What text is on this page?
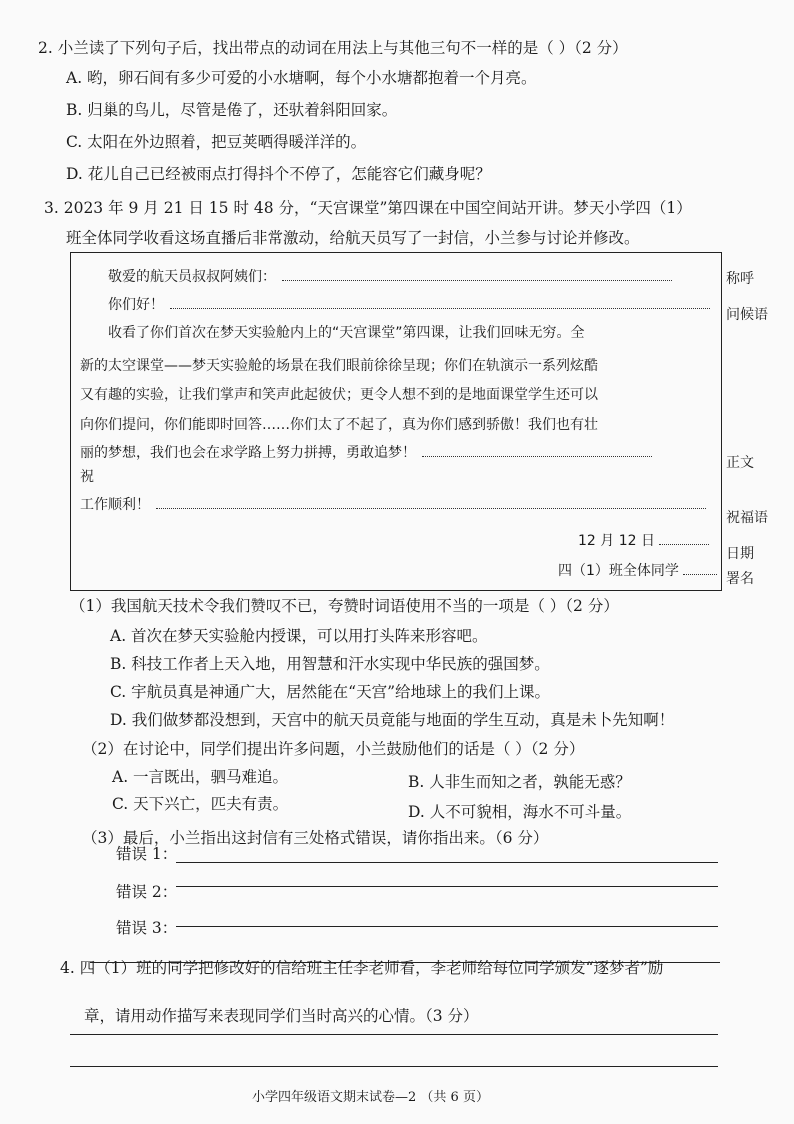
2. 小兰读了下列句子后，找出带点的动词在用法上与其他三句不一样的是（ ）（2 分）
A. 哟，卵石间有多少可爱的小水塘啊，每个小水塘都抱着一个月亮。
B. 归巢的鸟儿，尽管是倦了，还驮着斜阳回家。
C. 太阳在外边照着，把豆荚晒得暖洋洋的。
D. 花儿自己已经被雨点打得抖个不停了，怎能容它们藏身呢？
3. 2023 年 9 月 21 日 15 时 48 分，“天宫课堂”第四课在中国空间站开讲。梦天小学四（1）
班全体同学收看这场直播后非常激动，给航天员写了一封信，小兰参与讨论并修改。
敬爱的航天员叔叔阿姨们：
你们好！
收看了你们首次在梦天实验舱内上的“天宫课堂”第四课，让我们回味无穷。全
新的太空课堂——梦天实验舱的场景在我们眼前徐徐呈现；你们在轨演示一系列炫酷
又有趣的实验，让我们掌声和笑声此起彼伏；更令人想不到的是地面课堂学生还可以
向你们提问，你们能即时回答……你们太了不起了，真为你们感到骄傲！我们也有壮
丽的梦想，我们也会在求学路上努力拼搏，勇敢追梦！
祝
工作顺利！
12 月 12 日
四（1）班全体同学
称呼
问候语
正文
祝福语
日期
署名
（1）我国航天技术令我们赞叹不已，夸赞时词语使用不当的一项是（ ）（2 分）
A. 首次在梦天实验舱内授课，可以用打头阵来形容吧。
B. 科技工作者上天入地，用智慧和汗水实现中华民族的强国梦。
C. 宇航员真是神通广大，居然能在“天宫”给地球上的我们上课。
D. 我们做梦都没想到，天宫中的航天员竟能与地面的学生互动，真是未卜先知啊！
（2）在讨论中，同学们提出许多问题，小兰鼓励他们的话是（ ）（2 分）
A. 一言既出，驷马难追。	B. 人非生而知之者，孰能无惑？
C. 天下兴亡，匹夫有责。	D. 人不可貌相，海水不可斗量。
（3）最后，小兰指出这封信有三处格式错误，请你指出来。（6 分）
错误 1：
错误 2：
错误 3：
4. 四（1）班的同学把修改好的信给班主任李老师看，李老师给每位同学颁发“逐梦者”励
章，请用动作描写来表现同学们当时高兴的心情。（3 分）
小学四年级语文期末试卷—2 （共 6 页）
